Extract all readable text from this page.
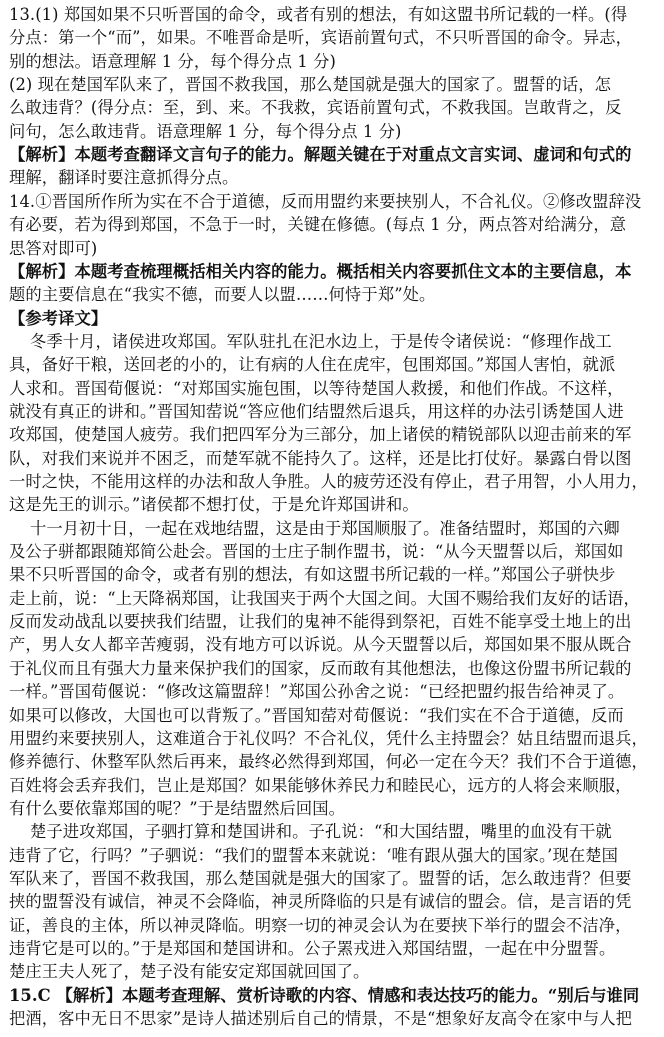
13.(1) 郑国如果不只听晋国的命令，或者有别的想法，有如这盟书所记载的一样。(得
分点：第一个“而”，如果。不唯晋命是听，宾语前置句式，不只听晋国的命令。异志，
别的想法。语意理解 1 分，每个得分点 1 分)
(2) 现在楚国军队来了，晋国不救我国，那么楚国就是强大的国家了。盟誓的话，怎
么敢违背？(得分点：至，到、来。不我救，宾语前置句式，不救我国。岂敢背之，反
问句，怎么敢违背。语意理解 1 分，每个得分点 1 分)
【解析】本题考查翻译文言句子的能力。解题关键在于对重点文言实词、虚词和句式的
理解，翻译时要注意抓得分点。
14.①晋国所作所为实在不合于道德，反而用盟约来要挟别人，不合礼仪。②修改盟辞没
有必要，若为得到郑国，不急于一时，关键在修德。(每点 1 分，两点答对给满分，意
思答对即可)
【解析】本题考查梳理概括相关内容的能力。概括相关内容要抓住文本的主要信息，本
题的主要信息在“我实不德，而要人以盟……何恃于郑”处。
【参考译文】
冬季十月，诸侯进攻郑国。军队驻扎在汜水边上，于是传令诸侯说：“修理作战工
具，备好干粮，送回老的小的，让有病的人住在虎牢，包围郑国。”郑国人害怕，就派
人求和。晋国荀偃说：“对郑国实施包围，以等待楚国人救援，和他们作战。不这样，
就没有真正的讲和。”晋国知䓨说“答应他们结盟然后退兵，用这样的办法引诱楚国人进
攻郑国，使楚国人疲劳。我们把四军分为三部分，加上诸侯的精锐部队以迎击前来的军
队，对我们来说并不困乏，而楚军就不能持久了。这样，还是比打仗好。暴露白骨以图
一时之快，不能用这样的办法和敌人争胜。人的疲劳还没有停止，君子用智，小人用力，
这是先王的训示。”诸侯都不想打仗，于是允许郑国讲和。
十一月初十日，一起在戏地结盟，这是由于郑国顺服了。准备结盟时，郑国的六卿
及公子骈都跟随郑简公赴会。晋国的士庄子制作盟书，说：“从今天盟誓以后，郑国如
果不只听晋国的命令，或者有别的想法，有如这盟书所记载的一样。”郑国公子骈快步
走上前，说：“上天降祸郑国，让我国夹于两个大国之间。大国不赐给我们友好的话语，
反而发动战乱以要挟我们结盟，让我们的鬼神不能得到祭祀，百姓不能享受土地上的出
产，男人女人都辛苦瘦弱，没有地方可以诉说。从今天盟誓以后，郑国如果不服从既合
于礼仪而且有强大力量来保护我们的国家，反而敢有其他想法，也像这份盟书所记载的
一样。”晋国荀偃说：“修改这篇盟辞！”郑国公孙舍之说：“已经把盟约报告给神灵了。
如果可以修改，大国也可以背叛了。”晋国知䓨对荀偃说：“我们实在不合于道德，反而
用盟约来要挟别人，这难道合于礼仪吗？不合礼仪，凭什么主持盟会？姑且结盟而退兵，
修养德行、休整军队然后再来，最终必然得到郑国，何必一定在今天？我们不合于道德，
百姓将会丢弃我们，岂止是郑国？如果能够休养民力和睦民心，远方的人将会来顺服，
有什么要依靠郑国的呢？”于是结盟然后回国。
楚子进攻郑国，子驷打算和楚国讲和。子孔说：“和大国结盟，嘴里的血没有干就
违背了它，行吗？”子驷说：“我们的盟誓本来就说：‘唯有跟从强大的国家。’现在楚国
军队来了，晋国不救我国，那么楚国就是强大的国家了。盟誓的话，怎么敢违背？但要
挟的盟誓没有诚信，神灵不会降临，神灵所降临的只是有诚信的盟会。信，是言语的凭
证，善良的主体，所以神灵降临。明察一切的神灵会认为在要挟下举行的盟会不洁净，
违背它是可以的。”于是郑国和楚国讲和。公子罴戎进入郑国结盟，一起在中分盟誓。
楚庄王夫人死了，楚子没有能安定郑国就回国了。
15.C 【解析】本题考查理解、赏析诗歌的内容、情感和表达技巧的能力。“别后与谁同
把酒，客中无日不思家”是诗人描述别后自己的情景，不是“想象好友高令在家中与人把
